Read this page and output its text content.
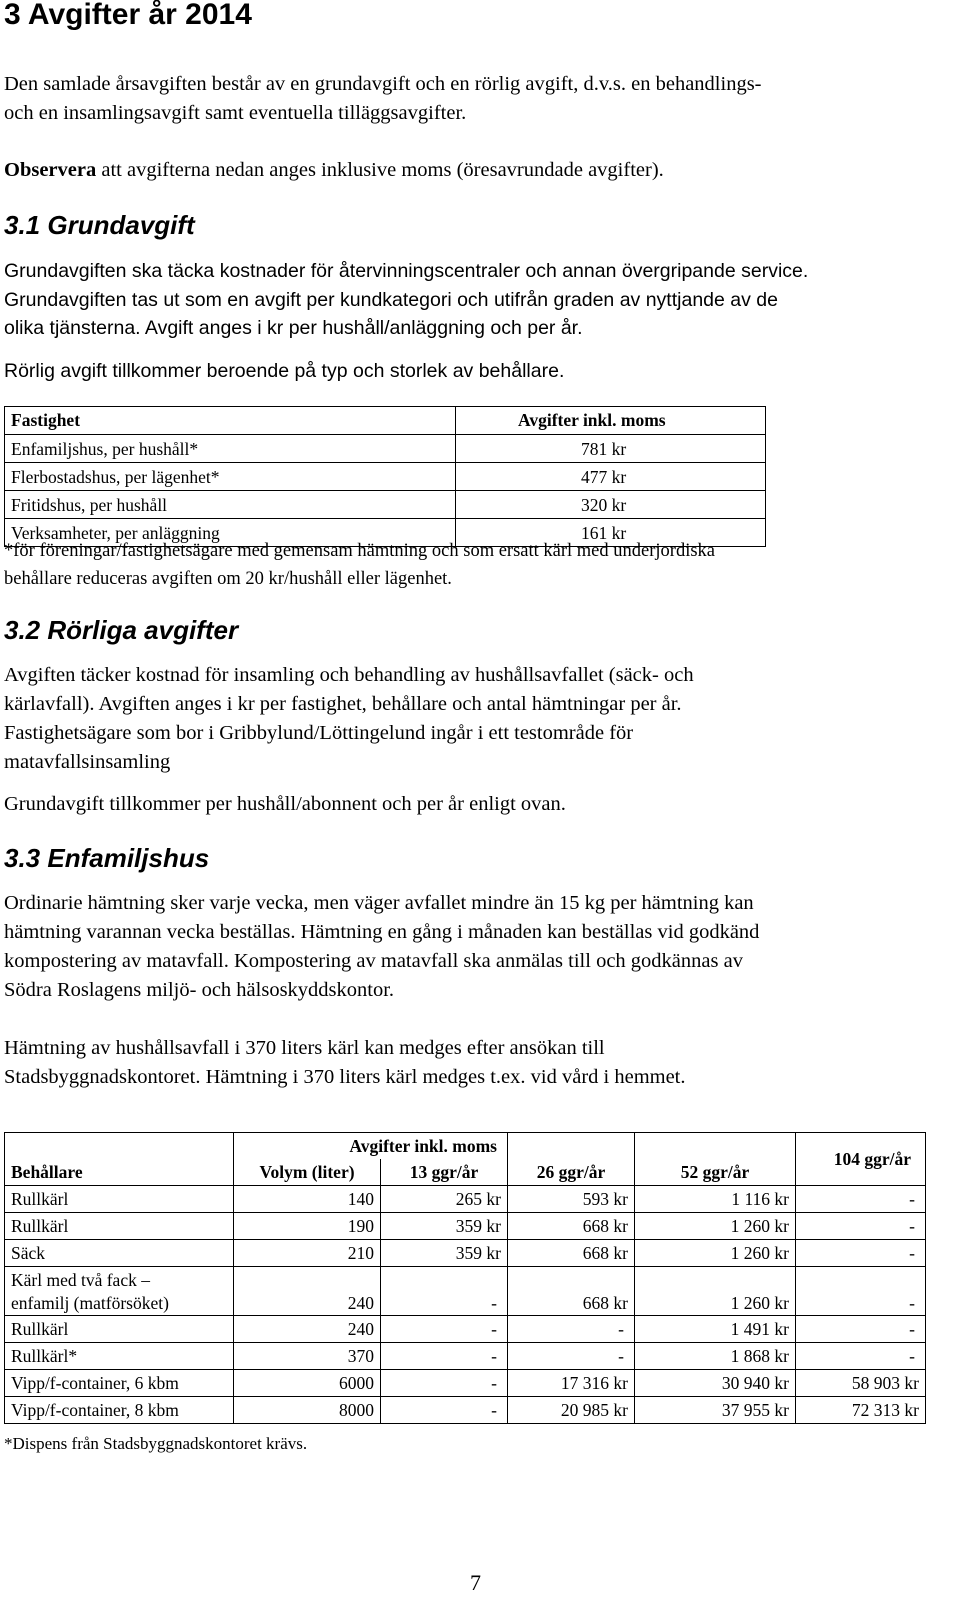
3 Avgifter år 2014

Den samlade årsavgiften består av en grundavgift och en rörlig avgift, d.v.s. en behandlings-

och en insamlingsavgift samt eventuella tilläggsavgifter.

Observera att avgifterna nedan anges inklusive moms (öresavrundade avgifter).

3.1 Grundavgift

Grundavgiften ska täcka kostnader för återvinningscentraler och annan övergripande service.

Grundavgiften tas ut som en avgift per kundkategori och utifrån graden av nyttjande av de

olika tjänsterna. Avgift anges i kr per hushåll/anläggning och per år.

Rörlig avgift tillkommer beroende på typ och storlek av behållare.

Fastighet	Avgifter inkl. moms
Enfamiljshus, per hushåll*	781 kr
Flerbostadshus, per lägenhet*	477 kr
Fritidshus, per hushåll	320 kr
Verksamheter, per anläggning	161 kr

*för föreningar/fastighetsägare med gemensam hämtning och som ersatt kärl med underjordiska

behållare reduceras avgiften om 20 kr/hushåll eller lägenhet.

3.2 Rörliga avgifter

Avgiften täcker kostnad för insamling och behandling av hushållsavfallet (säck- och

kärlavfall). Avgiften anges i kr per fastighet, behållare och antal hämtningar per år.

Fastighetsägare som bor i Gribbylund/Löttingelund ingår i ett testområde för

matavfallsinsamling

Grundavgift tillkommer per hushåll/abonnent och per år enligt ovan.

3.3 Enfamiljshus

Ordinarie hämtning sker varje vecka, men väger avfallet mindre än 15 kg per hämtning kan

hämtning varannan vecka beställas. Hämtning en gång i månaden kan beställas vid godkänd

kompostering av matavfall. Kompostering av matavfall ska anmälas till och godkännas av

Södra Roslagens miljö- och hälsoskyddskontor.

Hämtning av hushållsavfall i 370 liters kärl kan medges efter ansökan till

Stadsbyggnadskontoret. Hämtning i 370 liters kärl medges t.ex. vid vård i hemmet.

	Avgifter inkl. moms				104 ggr/år
Behållare	Volym (liter)	13 ggr/år	26 ggr/år	52 ggr/år	
Rullkärl	140	265 kr	593 kr	1 116 kr	-
Rullkärl	190	359 kr	668 kr	1 260 kr	-
Säck	210	359 kr	668 kr	1 260 kr	-
Kärl med två fack –
enfamilj (matförsöket)	240	-	668 kr	1 260 kr	-
Rullkärl	240	-	-	1 491 kr	-
Rullkärl*	370	-	-	1 868 kr	-
Vipp/f-container, 6 kbm	6000	-	17 316 kr	30 940 kr	58 903 kr
Vipp/f-container, 8 kbm	8000	-	20 985 kr	37 955 kr	72 313 kr

*Dispens från Stadsbyggnadskontoret krävs.

7
